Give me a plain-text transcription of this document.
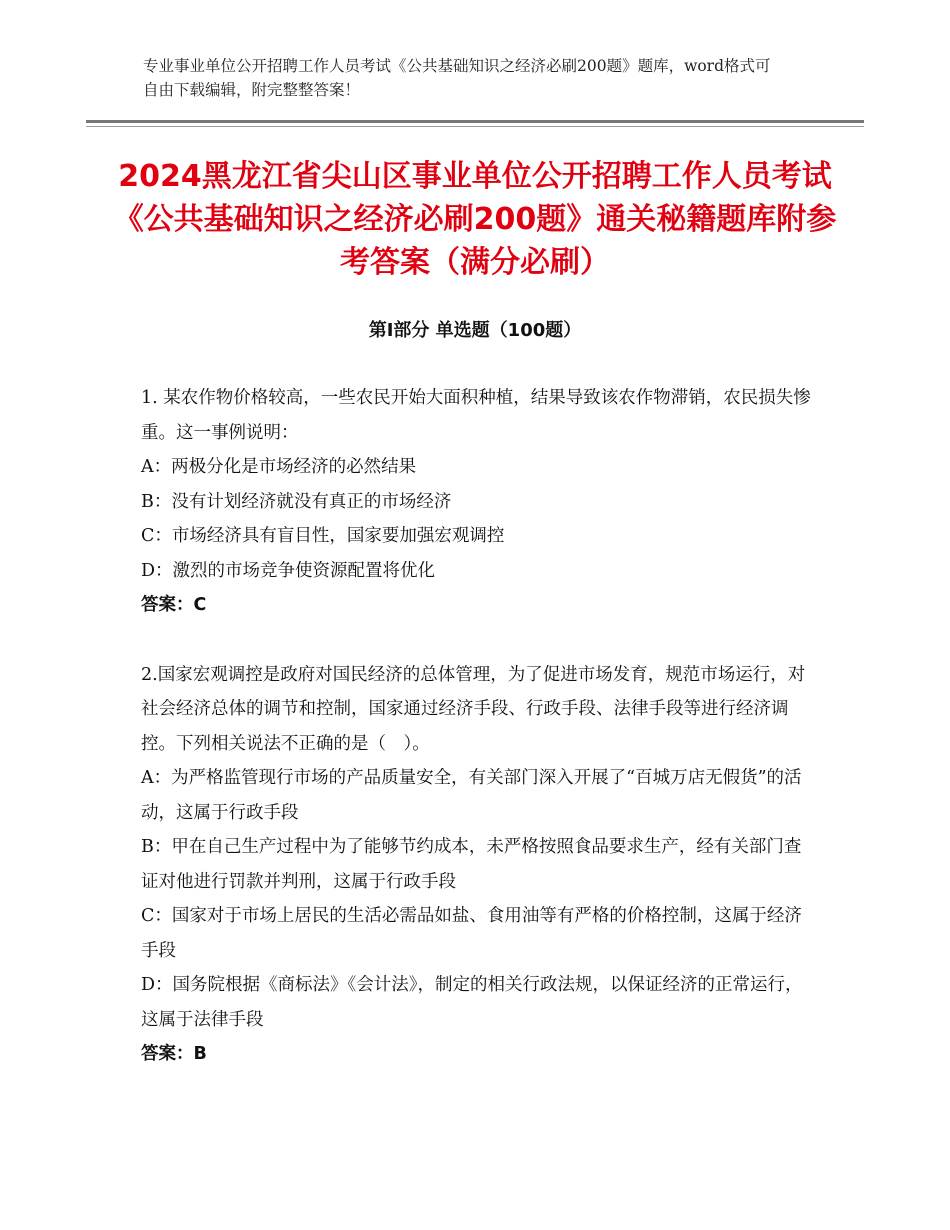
专业事业单位公开招聘工作人员考试《公共基础知识之经济必刷200题》题库，word格式可自由下载编辑，附完整整答案！
2024黑龙江省尖山区事业单位公开招聘工作人员考试《公共基础知识之经济必刷200题》通关秘籍题库附参考答案（满分必刷）
第Ⅰ部分 单选题（100题）

1. 某农作物价格较高，一些农民开始大面积种植，结果导致该农作物滞销，农民损失惨重。这一事例说明：

A：两极分化是市场经济的必然结果

B：没有计划经济就没有真正的市场经济

C：市场经济具有盲目性，国家要加强宏观调控

D：激烈的市场竞争使资源配置将优化

答案：C

2.国家宏观调控是政府对国民经济的总体管理，为了促进市场发育，规范市场运行，对社会经济总体的调节和控制，国家通过经济手段、行政手段、法律手段等进行经济调控。下列相关说法不正确的是（　）。

A：为严格监管现行市场的产品质量安全，有关部门深入开展了“百城万店无假货”的活动，这属于行政手段

B：甲在自己生产过程中为了能够节约成本，未严格按照食品要求生产，经有关部门查证对他进行罚款并判刑，这属于行政手段

C：国家对于市场上居民的生活必需品如盐、食用油等有严格的价格控制，这属于经济手段

D：国务院根据《商标法》《会计法》，制定的相关行政法规，以保证经济的正常运行，这属于法律手段

答案：B
